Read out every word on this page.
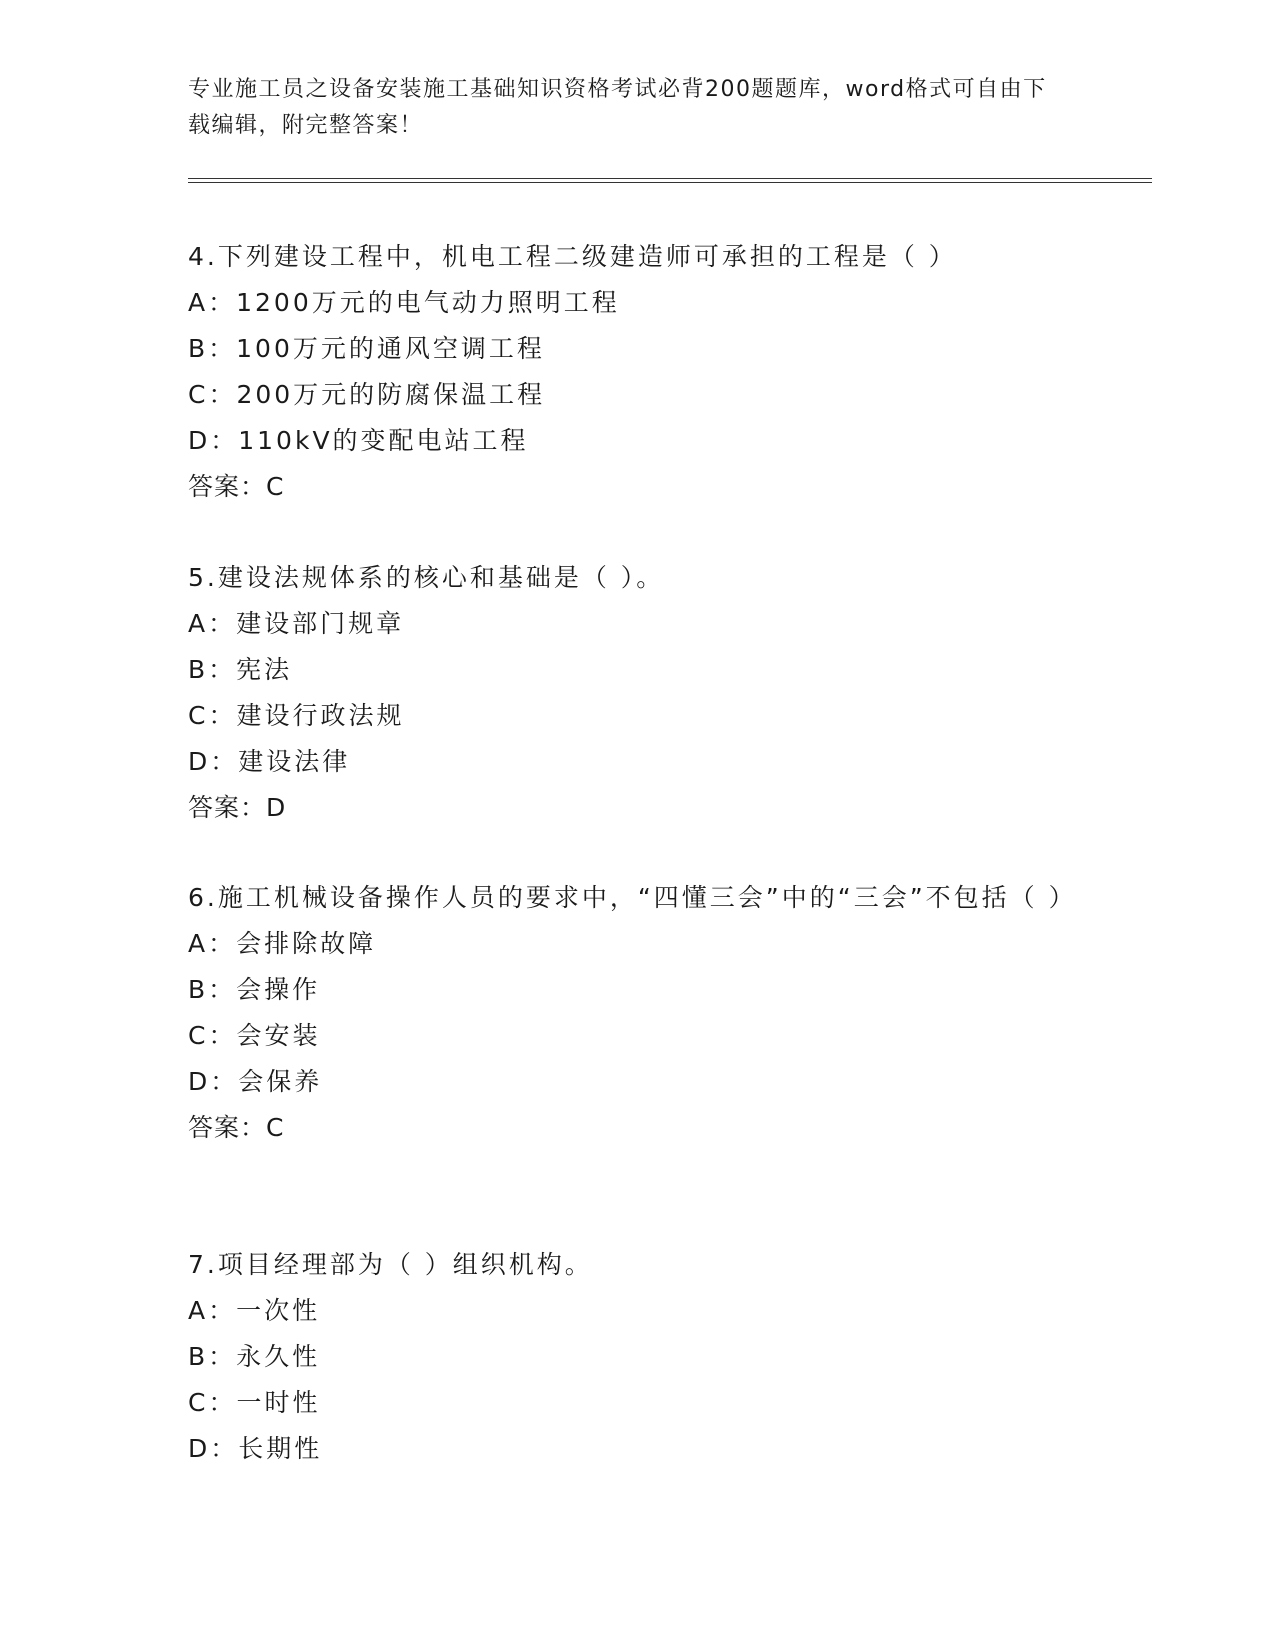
专业施工员之设备安装施工基础知识资格考试必背200题题库，word格式可自由下载编辑，附完整答案！
4.下列建设工程中，机电工程二级建造师可承担的工程是（ ）
A：1200万元的电气动力照明工程
B：100万元的通风空调工程
C：200万元的防腐保温工程
D：110kV的变配电站工程
答案：C
5.建设法规体系的核心和基础是（ ）。
A：建设部门规章
B：宪法
C：建设行政法规
D：建设法律
答案：D
6.施工机械设备操作人员的要求中，“四懂三会”中的“三会”不包括（ ）
A：会排除故障
B：会操作
C：会安装
D：会保养
答案：C
7.项目经理部为（ ）组织机构。
A：一次性
B：永久性
C：一时性
D：长期性
